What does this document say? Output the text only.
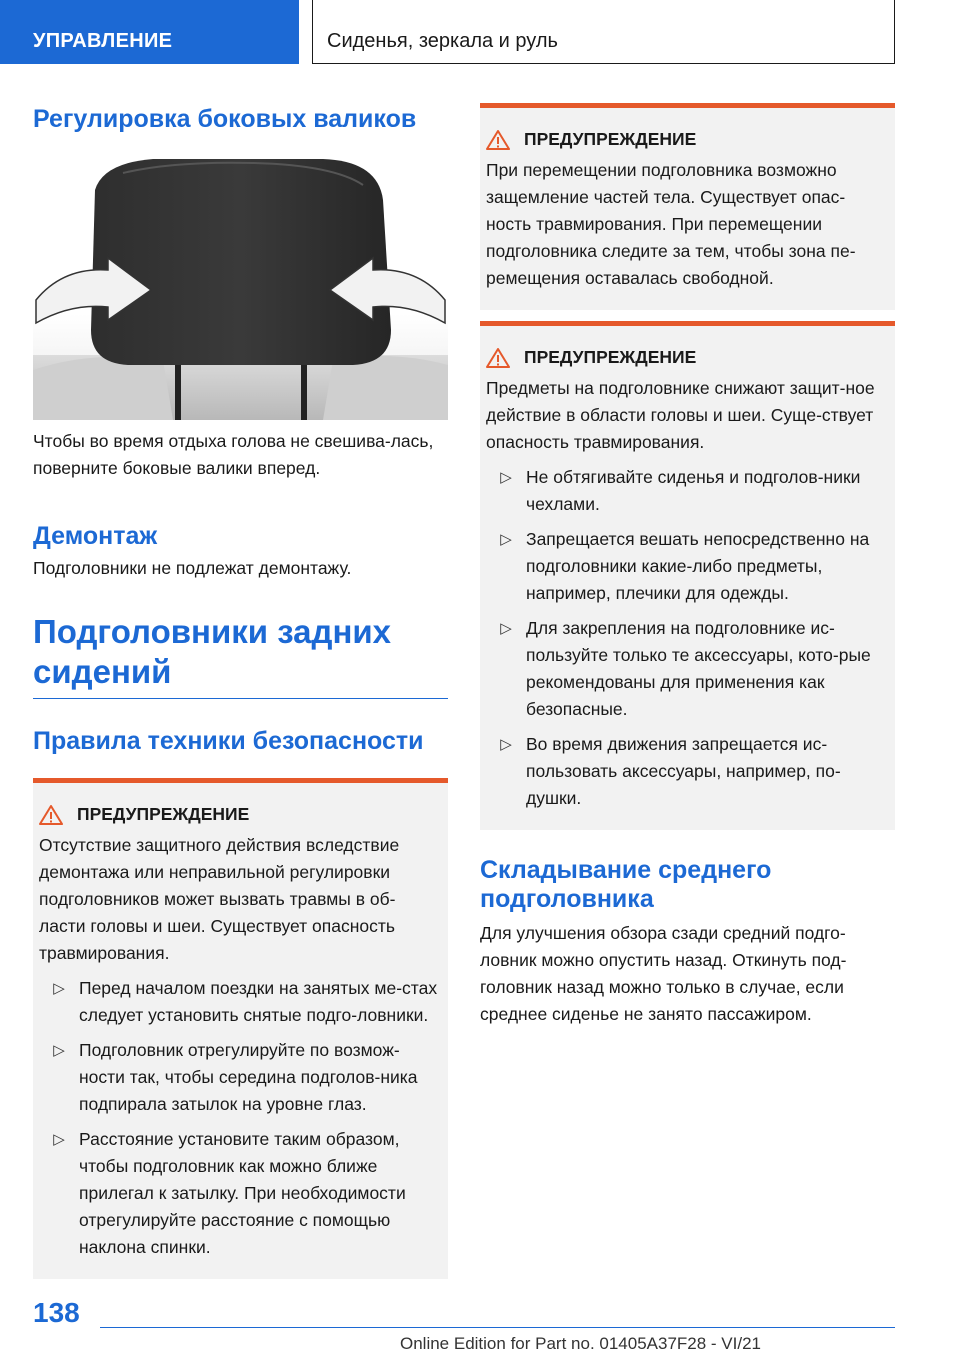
УПРАВЛЕНИЕ	Сиденья, зеркала и руль
Регулировка боковых валиков

Чтобы во время отдыха голова не свешива-лась, поверните боковые валики вперед.

Демонтаж

Подголовники не подлежат демонтажу.

Подголовники задних сидений
Правила техники безопасности
ПРЕДУПРЕЖДЕНИЕ

Отсутствие защитного действия вследствие демонтажа или неправильной регулировки подголовников может вызвать травмы в об-ласти головы и шеи. Существует опасность травмирования.

▷ Перед началом поездки на занятых ме-стах следует установить снятые подго-ловники.
▷ Подголовник отрегулируйте по возмож-ности так, чтобы середина подголов-ника подпирала затылок на уровне глаз.
▷ Расстояние установите таким образом, чтобы подголовник как можно ближе прилегал к затылку. При необходимости отрегулируйте расстояние с помощью наклона спинки.
ПРЕДУПРЕЖДЕНИЕ

При перемещении подголовника возможно защемление частей тела. Существует опас-ность травмирования. При перемещении подголовника следите за тем, чтобы зона пе-ремещения оставалась свободной.

ПРЕДУПРЕЖДЕНИЕ

Предметы на подголовнике снижают защит-ное действие в области головы и шеи. Суще-ствует опасность травмирования.

▷ Не обтягивайте сиденья и подголов-ники чехлами.
▷ Запрещается вешать непосредственно на подголовники какие-либо предметы, например, плечики для одежды.
▷ Для закрепления на подголовнике ис-пользуйте только те аксессуары, кото-рые рекомендованы для применения как безопасные.
▷ Во время движения запрещается ис-пользовать аксессуары, например, по-душки.
Складывание среднего подголовника

Для улучшения обзора сзади средний подго-ловник можно опустить назад. Откинуть под-головник назад можно только в случае, если среднее сиденье не занято пассажиром.

138
Online Edition for Part no. 01405A37F28 - VI/21
